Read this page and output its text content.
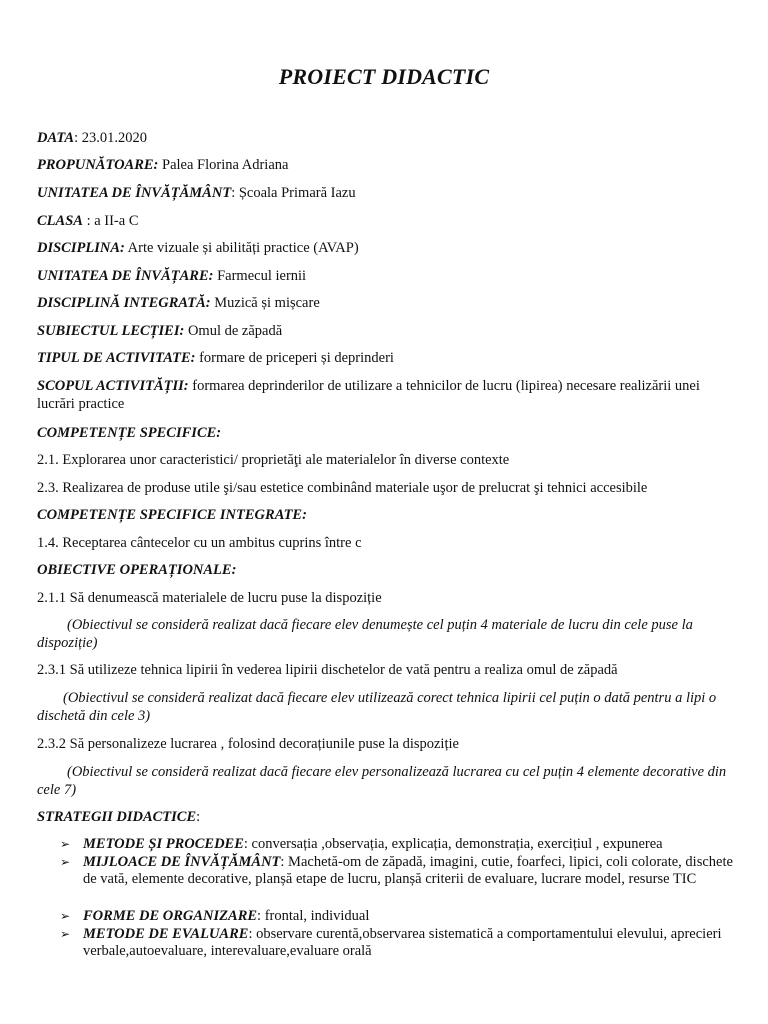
PROIECT DIDACTIC
DATA: 23.01.2020
PROPUNĂTOARE: Palea Florina Adriana
UNITATEA DE ÎNVĂȚĂMÂNT: Școala Primară Iazu
CLASA : a II-a C
DISCIPLINA: Arte vizuale și abilități practice (AVAP)
UNITATEA DE ÎNVĂȚARE: Farmecul iernii
DISCIPLINĂ INTEGRATĂ: Muzică și mișcare
SUBIECTUL LECȚIEI: Omul de zăpadă
TIPUL DE ACTIVITATE: formare de priceperi și deprinderi
SCOPUL ACTIVITĂȚII: formarea deprinderilor de utilizare a tehnicilor de lucru (lipirea) necesare realizării unei lucrări practice
COMPETENȚE SPECIFICE:
2.1. Explorarea unor caracteristici/ proprietăţi ale materialelor în diverse contexte
2.3. Realizarea de produse utile şi/sau estetice combinând materiale uşor de prelucrat şi tehnici accesibile
COMPETENȚE SPECIFICE INTEGRATE:
1.4. Receptarea cântecelor cu un ambitus cuprins între c
OBIECTIVE OPERAȚIONALE:
2.1.1 Să denumească materialele de lucru puse la dispoziție
(Obiectivul se consideră realizat dacă fiecare elev denumește cel puțin 4 materiale de lucru din cele puse la dispoziție)
2.3.1 Să utilizeze tehnica lipirii în vederea lipirii dischetelor de vată pentru a realiza omul de zăpadă
(Obiectivul se consideră realizat dacă fiecare elev utilizează corect tehnica lipirii cel puțin o dată pentru a lipi o dischetă din cele 3)
2.3.2 Să personalizeze lucrarea , folosind decorațiunile puse la dispoziție
(Obiectivul se consideră realizat dacă fiecare elev personalizează lucrarea cu cel puțin 4 elemente decorative din cele 7)
STRATEGII DIDACTICE:
➢ METODE ȘI PROCEDEE: conversația ,observația, explicația, demonstrația, exercițiul , expunerea
➢ MIJLOACE DE ÎNVĂȚĂMÂNT: Machetă-om de zăpadă, imagini, cutie, foarfeci, lipici, coli colorate, dischete de vată, elemente decorative, planșă etape de lucru, planșă criterii de evaluare, lucrare model, resurse TIC
➢ FORME DE ORGANIZARE: frontal, individual
➢ METODE DE EVALUARE: observare curentă,observarea sistematică a comportamentului elevului, aprecieri verbale,autoevaluare, interevaluare,evaluare orală
